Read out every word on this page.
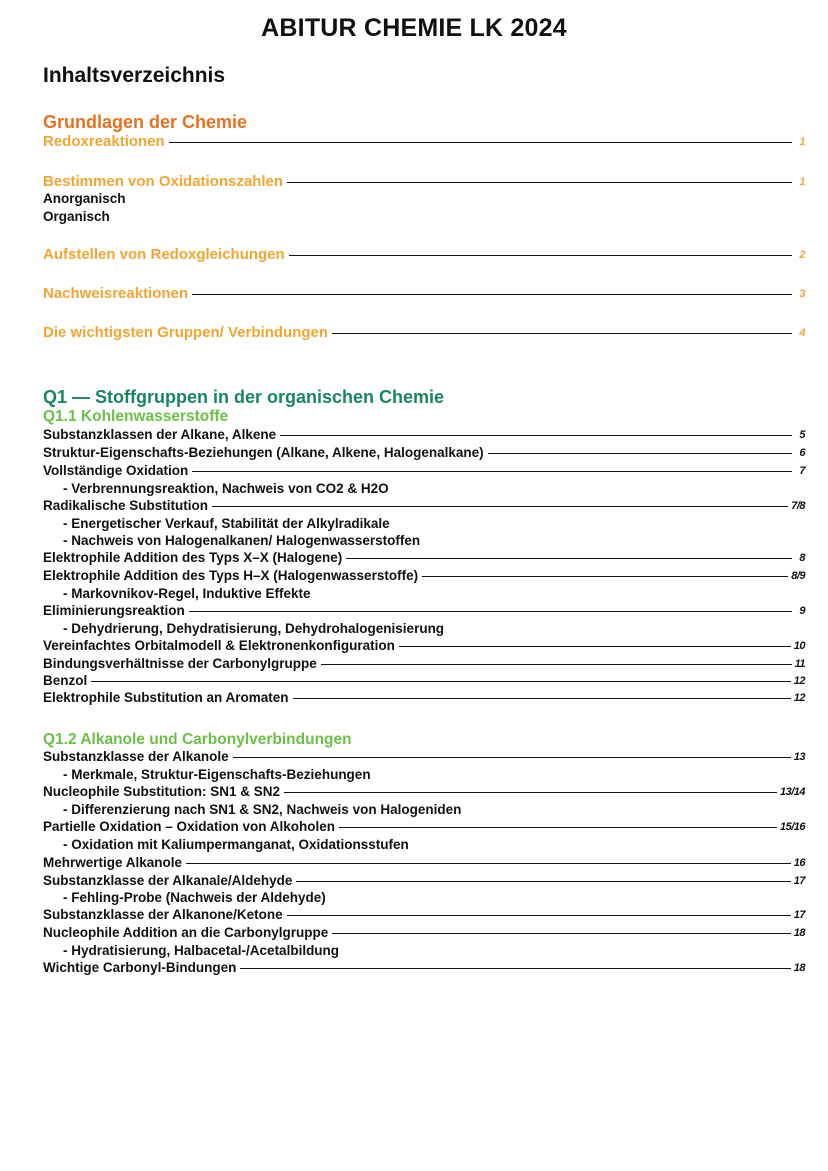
ABITUR CHEMIE LK 2024
Inhaltsverzeichnis
Grundlagen der Chemie
Redoxreaktionen	1
Bestimmen von Oxidationszahlen	1
Anorganisch
Organisch
Aufstellen von Redoxgleichungen	2
Nachweisreaktionen	3
Die wichtigsten Gruppen/ Verbindungen	4
Q1 — Stoffgruppen in der organischen Chemie
Q1.1 Kohlenwasserstoffe
Substanzklassen der Alkane, Alkene	5
Struktur-Eigenschafts-Beziehungen (Alkane, Alkene, Halogenalkane)	6
Vollständige Oxidation	7
- Verbrennungsreaktion, Nachweis von CO2 & H2O
Radikalische Substitution	7/8
- Energetischer Verkauf, Stabilität der Alkylradikale
- Nachweis von Halogenalkanen/ Halogenwasserstoffen
Elektrophile Addition des Typs X–X (Halogene)	8
Elektrophile Addition des Typs H–X (Halogenwasserstoffe)	8/9
- Markovnikov-Regel, Induktive Effekte
Eliminierungsreaktion	9
- Dehydrierung, Dehydratisierung, Dehydrohalogenisierung
Vereinfachtes Orbitalmodell & Elektronenkonfiguration	10
Bindungsverhältnisse der Carbonylgruppe	11
Benzol	12
Elektrophile Substitution an Aromaten	12
Q1.2 Alkanole und Carbonylverbindungen
Substanzklasse der Alkanole	13
- Merkmale, Struktur-Eigenschafts-Beziehungen
Nucleophile Substitution: SN1 & SN2	13/14
- Differenzierung nach SN1 & SN2, Nachweis von Halogeniden
Partielle Oxidation – Oxidation von Alkoholen	15/16
- Oxidation mit Kaliumpermanganat, Oxidationsstufen
Mehrwertige Alkanole	16
Substanzklasse der Alkanale/Aldehyde	17
- Fehling-Probe (Nachweis der Aldehyde)
Substanzklasse der Alkanone/Ketone	17
Nucleophile Addition an die Carbonylgruppe	18
- Hydratisierung, Halbacetal-/Acetalbildung
Wichtige Carbonyl-Bindungen	18
